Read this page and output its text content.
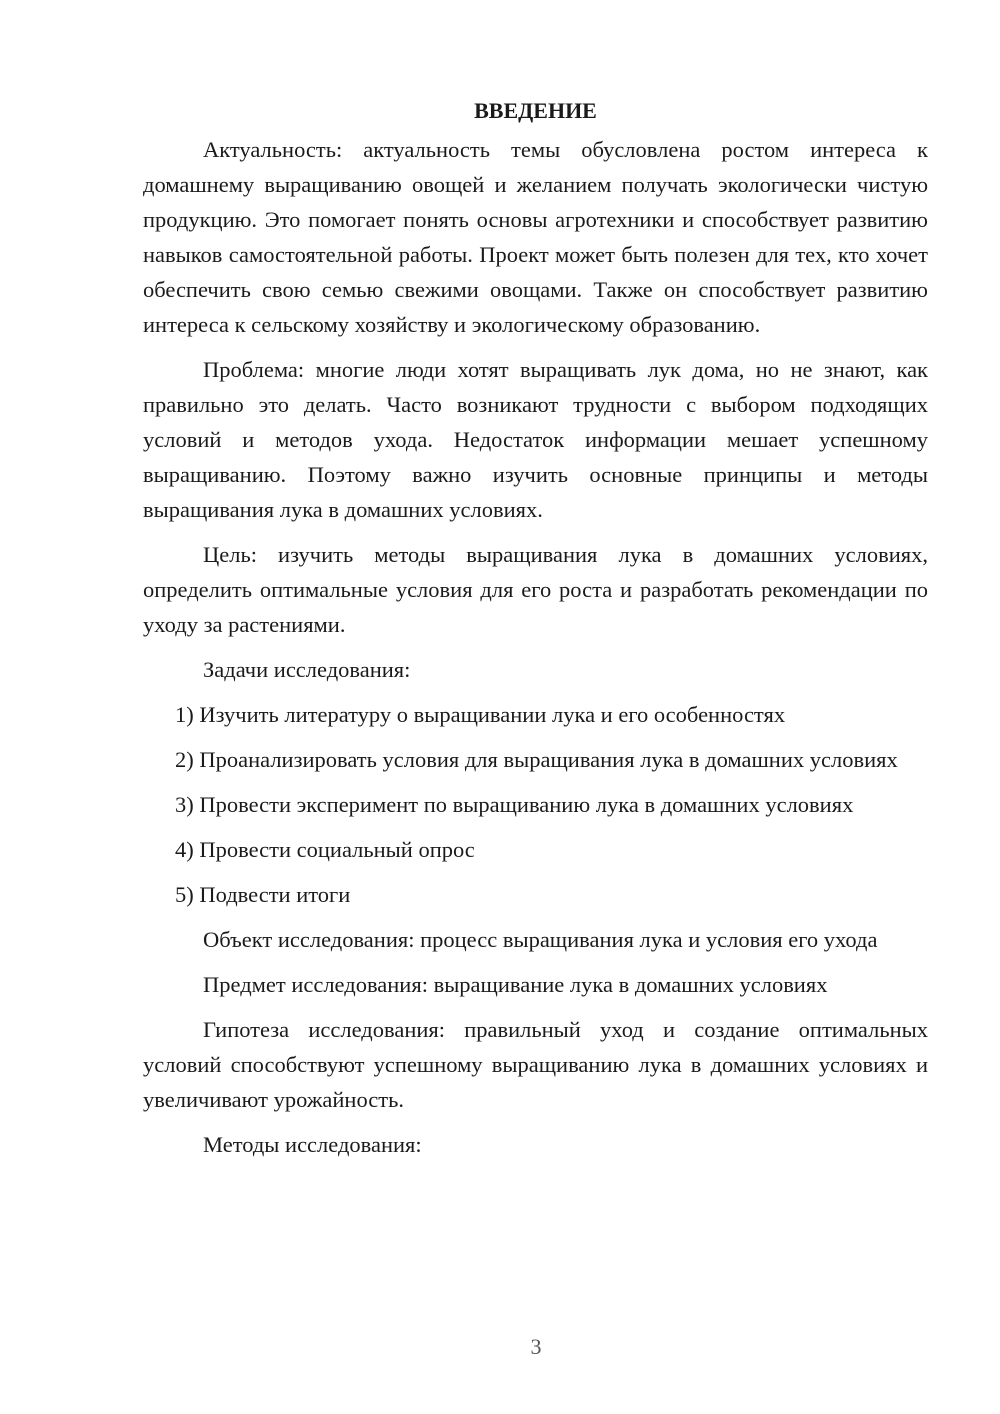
ВВЕДЕНИЕ

Актуальность: актуальность темы обусловлена ростом интереса к домашнему выращиванию овощей и желанием получать экологически чистую продукцию. Это помогает понять основы агротехники и способствует развитию навыков самостоятельной работы. Проект может быть полезен для тех, кто хочет обеспечить свою семью свежими овощами. Также он способствует развитию интереса к сельскому хозяйству и экологическому образованию.

Проблема: многие люди хотят выращивать лук дома, но не знают, как правильно это делать. Часто возникают трудности с выбором подходящих условий и методов ухода. Недостаток информации мешает успешному выращиванию. Поэтому важно изучить основные принципы и методы выращивания лука в домашних условиях.

Цель: изучить методы выращивания лука в домашних условиях, определить оптимальные условия для его роста и разработать рекомендации по уходу за растениями.

Задачи исследования:

1) Изучить литературу о выращивании лука и его особенностях

2) Проанализировать условия для выращивания лука в домашних условиях

3) Провести эксперимент по выращиванию лука в домашних условиях

4) Провести социальный опрос

5) Подвести итоги

Объект исследования: процесс выращивания лука и условия его ухода

Предмет исследования: выращивание лука в домашних условиях

Гипотеза исследования: правильный уход и создание оптимальных условий способствуют успешному выращиванию лука в домашних условиях и увеличивают урожайность.

Методы исследования:

3
